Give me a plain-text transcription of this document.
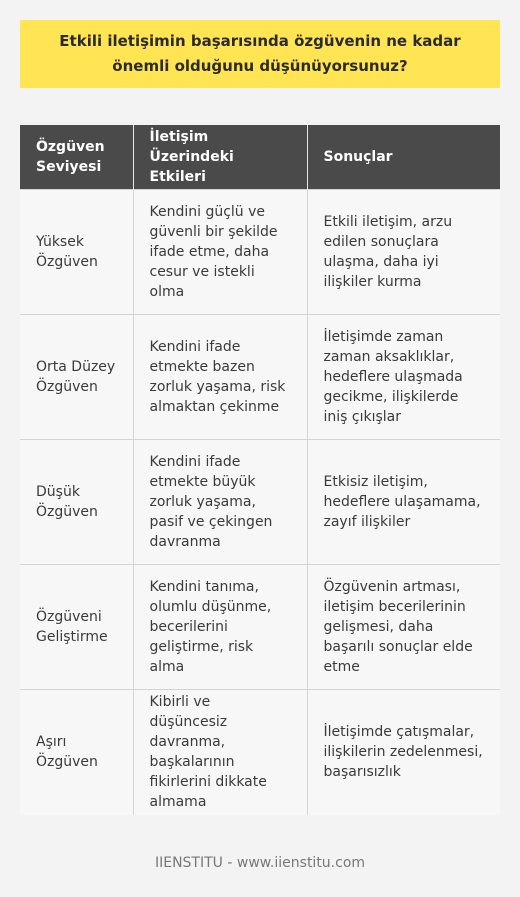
Etkili iletişimin başarısında özgüvenin ne kadar önemli olduğunu düşünüyorsunuz?
Özgüven Seviyesi	İletişim Üzerindeki Etkileri	Sonuçlar
Yüksek Özgüven	Kendini güçlü ve güvenli bir şekilde ifade etme, daha cesur ve istekli olma	Etkili iletişim, arzu edilen sonuçlara ulaşma, daha iyi ilişkiler kurma
Orta Düzey Özgüven	Kendini ifade etmekte bazen zorluk yaşama, risk almaktan çekinme	İletişimde zaman zaman aksaklıklar, hedeflere ulaşmada gecikme, ilişkilerde iniş çıkışlar
Düşük Özgüven	Kendini ifade etmekte büyük zorluk yaşama, pasif ve çekingen davranma	Etkisiz iletişim, hedeflere ulaşamama, zayıf ilişkiler
Özgüveni Geliştirme	Kendini tanıma, olumlu düşünme, becerilerini geliştirme, risk alma	Özgüvenin artması, iletişim becerilerinin gelişmesi, daha başarılı sonuçlar elde etme
Aşırı Özgüven	Kibirli ve düşüncesiz davranma, başkalarının fikirlerini dikkate almama	İletişimde çatışmalar, ilişkilerin zedelenmesi, başarısızlık
IIENSTITU - www.iienstitu.com
